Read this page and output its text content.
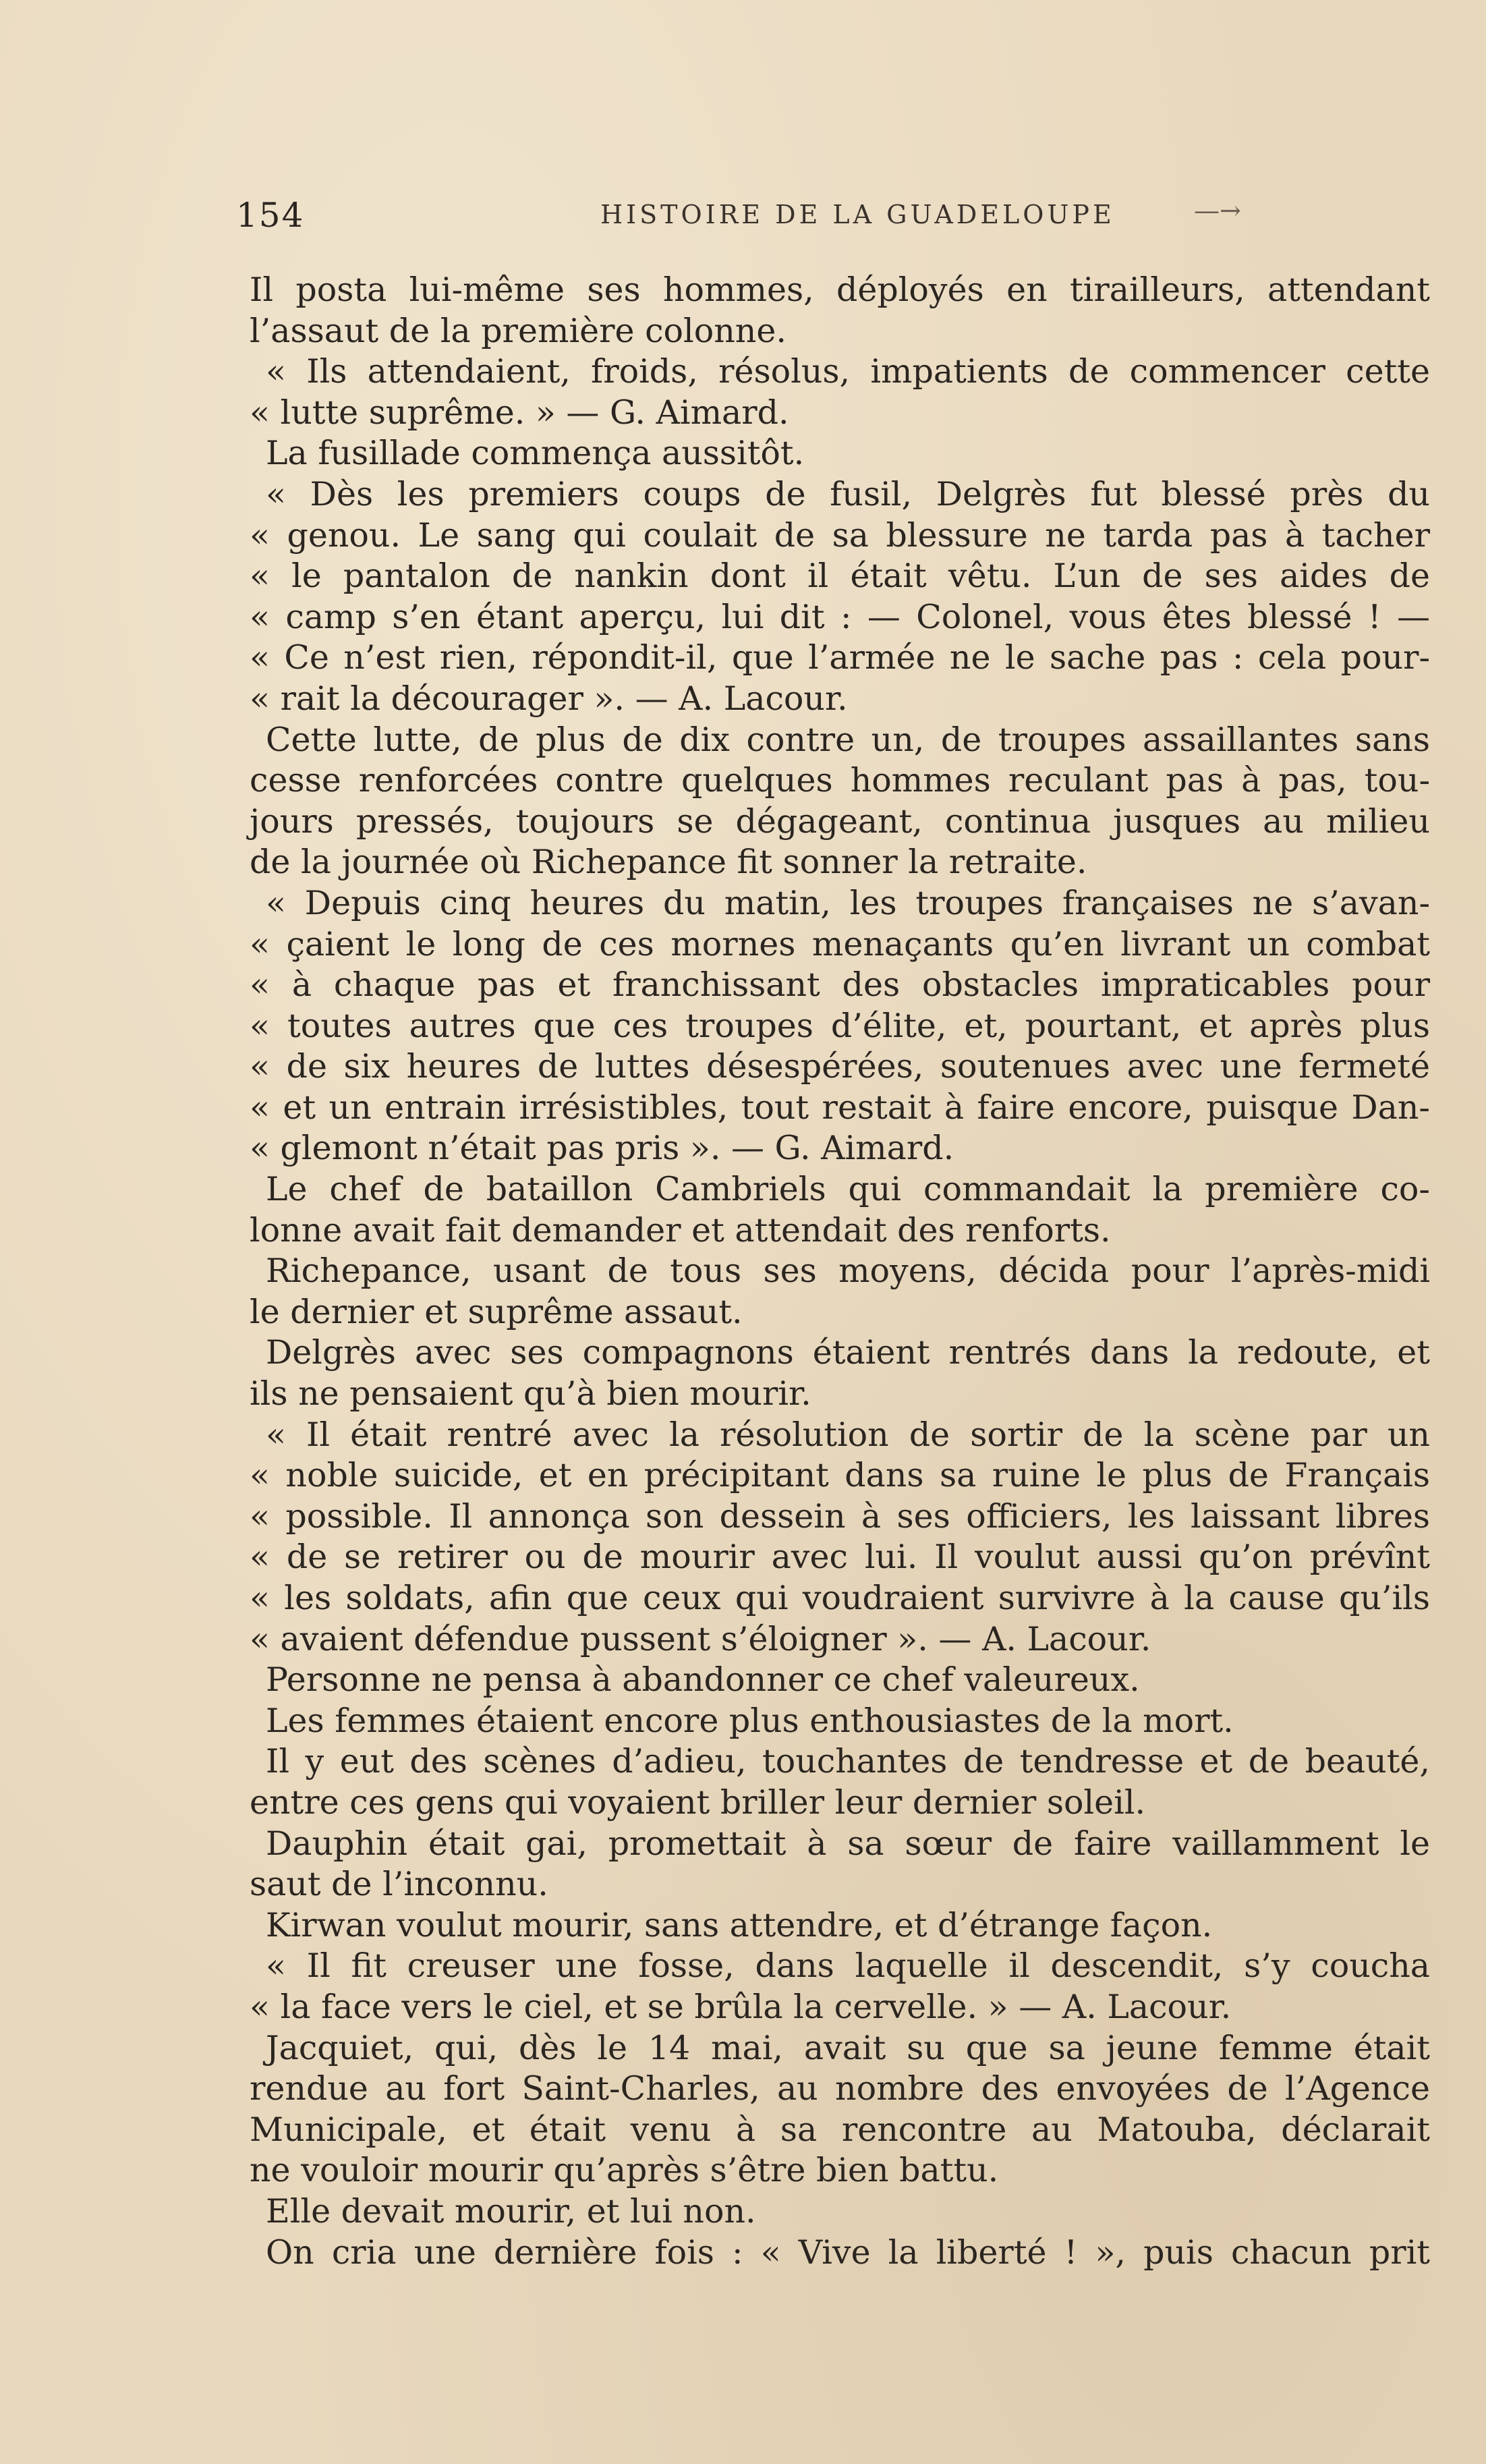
154	HISTOIRE DE LA GUADELOUPE	—→
Il posta lui-même ses hommes, déployés en tirailleurs, attendant
l’assaut de la première colonne.
« Ils attendaient, froids, résolus, impatients de commencer cette
« lutte suprême. » — G. Aimard.
La fusillade commença aussitôt.
« Dès les premiers coups de fusil, Delgrès fut blessé près du
« genou. Le sang qui coulait de sa blessure ne tarda pas à tacher
« le pantalon de nankin dont il était vêtu. L’un de ses aides de
« camp s’en étant aperçu, lui dit : — Colonel, vous êtes blessé ! —
« Ce n’est rien, répondit-il, que l’armée ne le sache pas : cela pour-
« rait la décourager ». — A. Lacour.
Cette lutte, de plus de dix contre un, de troupes assaillantes sans
cesse renforcées contre quelques hommes reculant pas à pas, tou-
jours pressés, toujours se dégageant, continua jusques au milieu
de la journée où Richepance fit sonner la retraite.
« Depuis cinq heures du matin, les troupes françaises ne s’avan-
« çaient le long de ces mornes menaçants qu’en livrant un combat
« à chaque pas et franchissant des obstacles impraticables pour
« toutes autres que ces troupes d’élite, et, pourtant, et après plus
« de six heures de luttes désespérées, soutenues avec une fermeté
« et un entrain irrésistibles, tout restait à faire encore, puisque Dan-
« glemont n’était pas pris ». — G. Aimard.
Le chef de bataillon Cambriels qui commandait la première co-
lonne avait fait demander et attendait des renforts.
Richepance, usant de tous ses moyens, décida pour l’après-midi
le dernier et suprême assaut.
Delgrès avec ses compagnons étaient rentrés dans la redoute, et
ils ne pensaient qu’à bien mourir.
« Il était rentré avec la résolution de sortir de la scène par un
« noble suicide, et en précipitant dans sa ruine le plus de Français
« possible. Il annonça son dessein à ses officiers, les laissant libres
« de se retirer ou de mourir avec lui. Il voulut aussi qu’on prévînt
« les soldats, afin que ceux qui voudraient survivre à la cause qu’ils
« avaient défendue pussent s’éloigner ». — A. Lacour.
Personne ne pensa à abandonner ce chef valeureux.
Les femmes étaient encore plus enthousiastes de la mort.
Il y eut des scènes d’adieu, touchantes de tendresse et de beauté,
entre ces gens qui voyaient briller leur dernier soleil.
Dauphin était gai, promettait à sa sœur de faire vaillamment le
saut de l’inconnu.
Kirwan voulut mourir, sans attendre, et d’étrange façon.
« Il fit creuser une fosse, dans laquelle il descendit, s’y coucha
« la face vers le ciel, et se brûla la cervelle. » — A. Lacour.
Jacquiet, qui, dès le 14 mai, avait su que sa jeune femme était
rendue au fort Saint-Charles, au nombre des envoyées de l’Agence
Municipale, et était venu à sa rencontre au Matouba, déclarait
ne vouloir mourir qu’après s’être bien battu.
Elle devait mourir, et lui non.
On cria une dernière fois : « Vive la liberté ! », puis chacun prit
